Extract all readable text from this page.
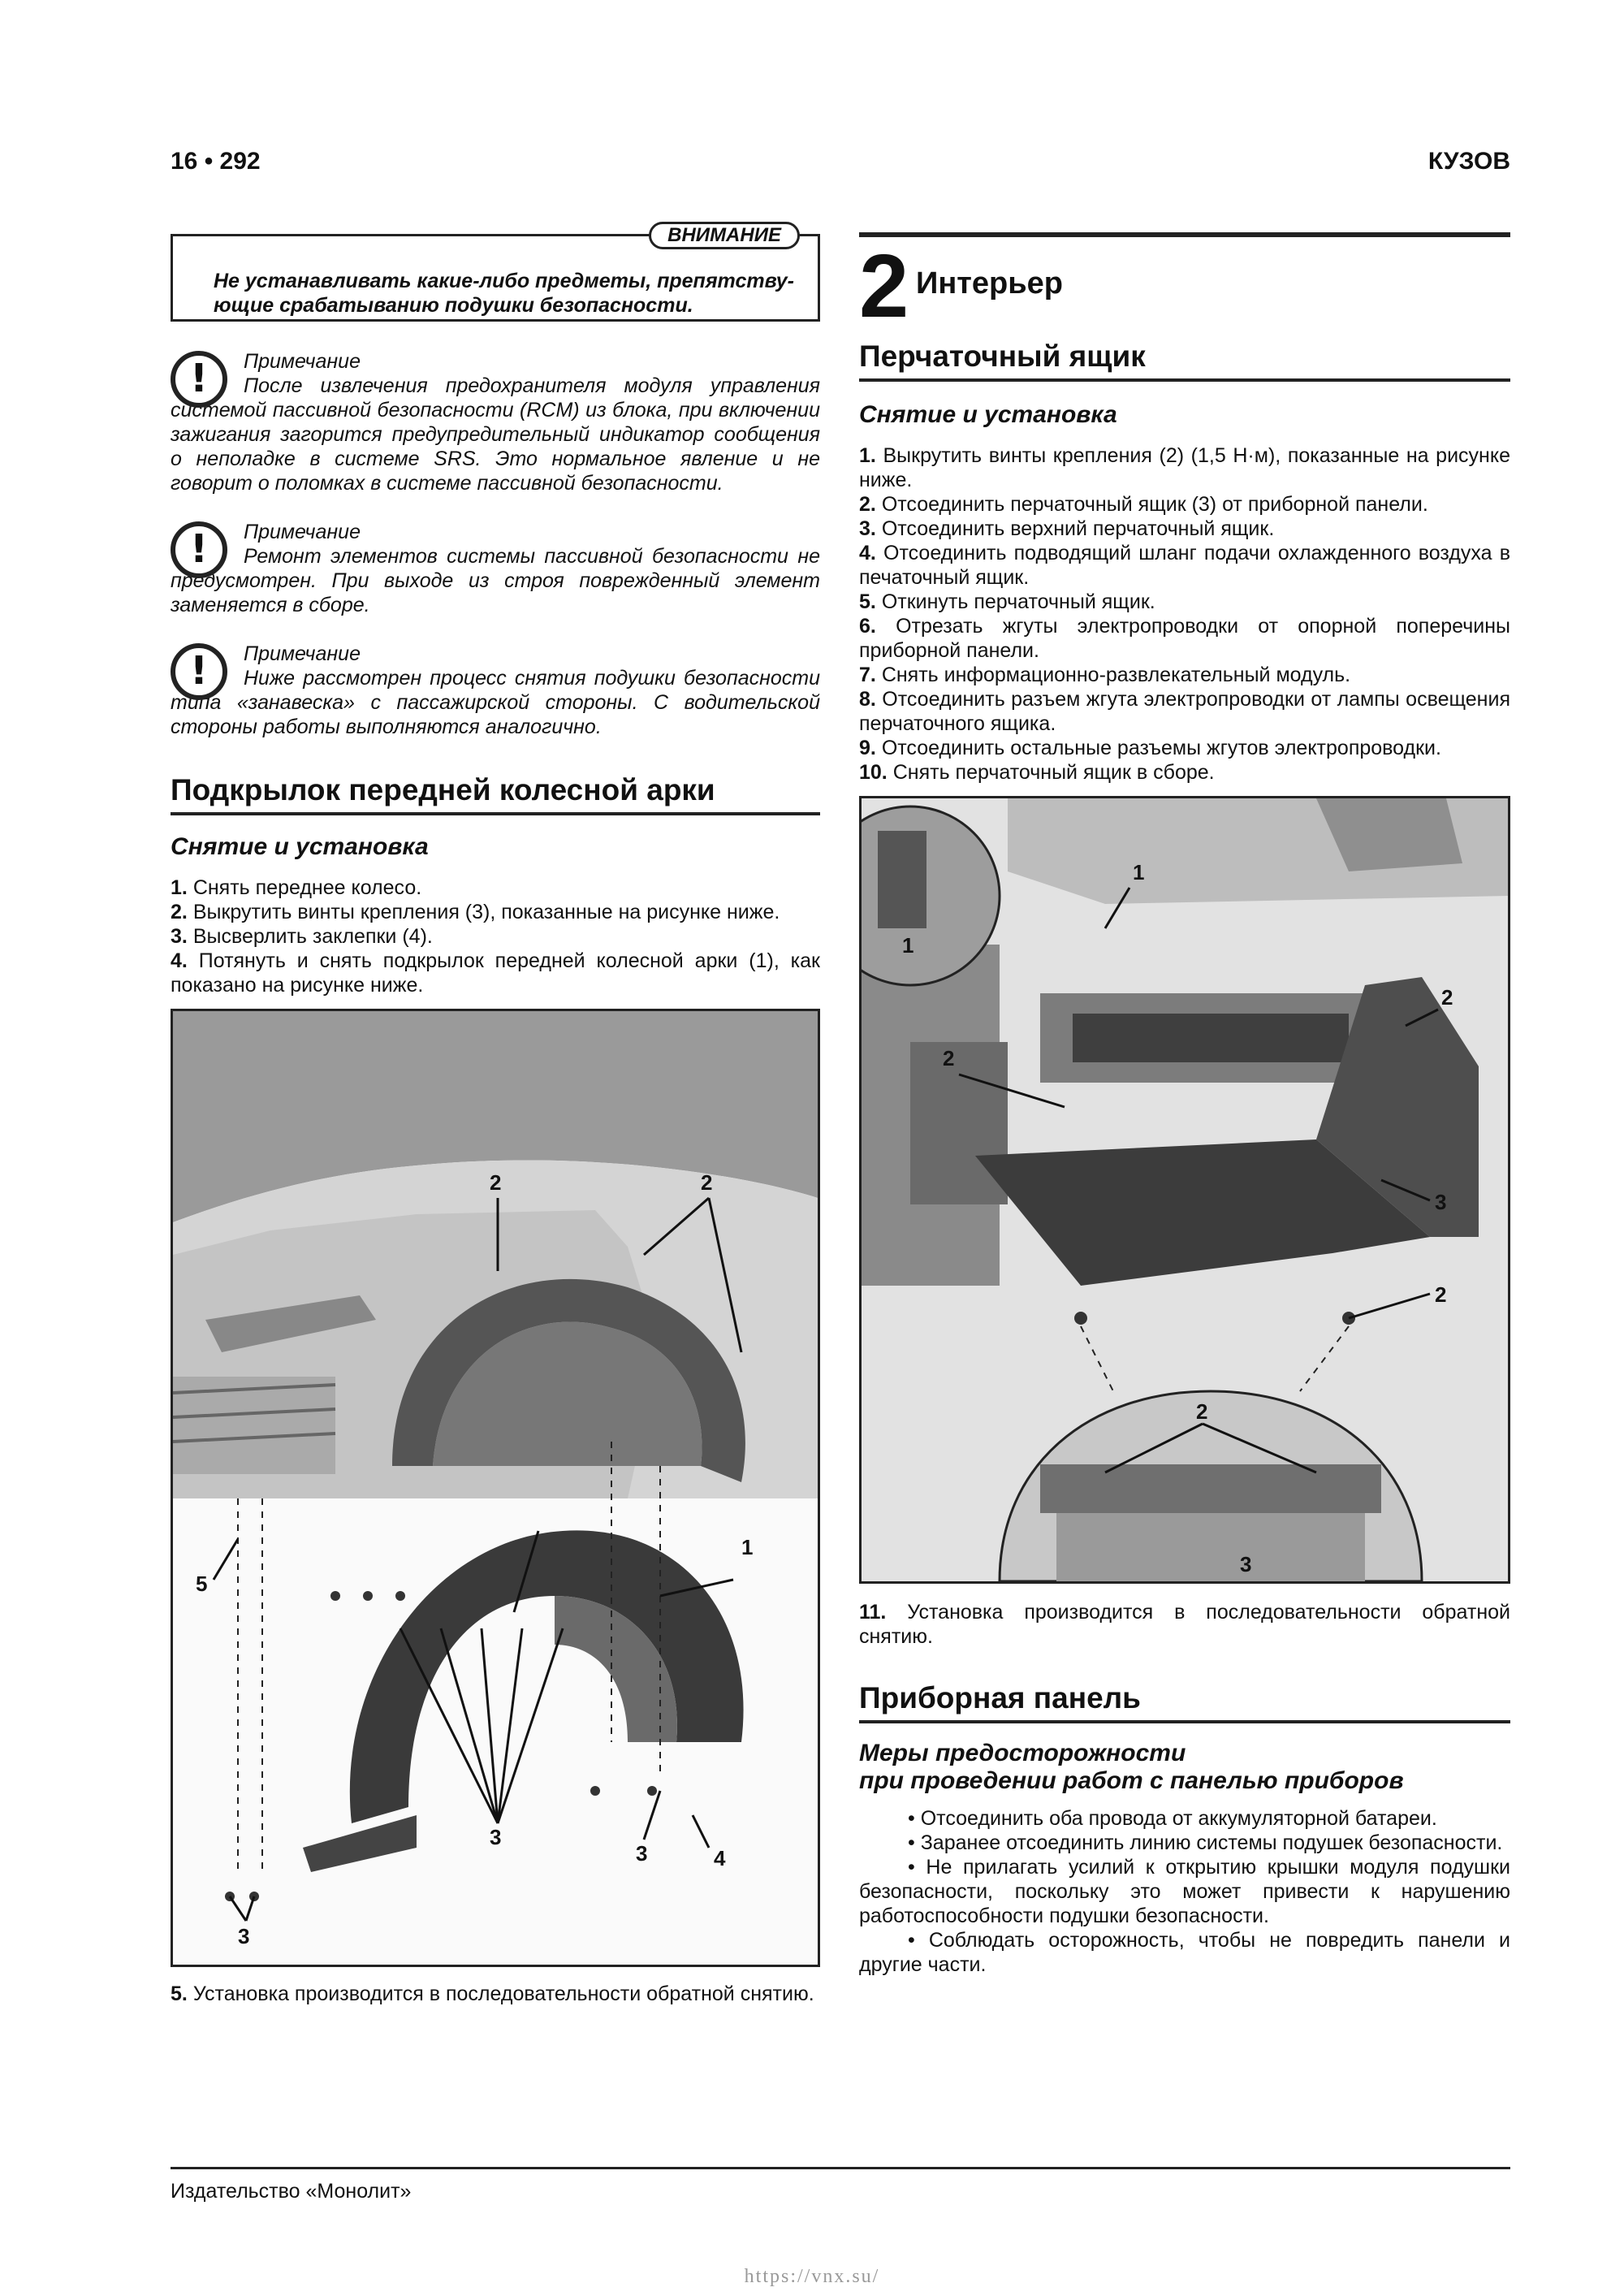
16 • 292	КУЗОВ
ВНИМАНИЕ
Не устанавливать какие-либо предметы, препятствующие срабатыванию подушки безопасности.
!	Примечание
После извлечения предохранителя модуля управления системой пассивной безопасности (RCM) из блока, при включении зажигания загорится предупредительный индикатор сообщения о неполадке в системе SRS. Это нормальное явление и не говорит о поломках в системе пассивной безопасности.
!	Примечание
Ремонт элементов системы пассивной безопасности не предусмотрен. При выходе из строя поврежденный элемент заменяется в сборе.
!	Примечание
Ниже рассмотрен процесс снятия подушки безопасности типа «занавеска» с пассажирской стороны. С водительской стороны работы выполняются аналогично.
Подкрылок передней колесной арки
Снятие и установка
1. Снять переднее колесо.
2. Выкрутить винты крепления (3), показанные на рисунке ниже.
3. Высверлить заклепки (4).
4. Потянуть и снять подкрылок передней колесной арки (1), как показано на рисунке ниже.
1
2	2
3
3
3
4
5
5. Установка производится в последовательности обратной снятию.
2 Интерьер
Перчаточный ящик
Снятие и установка
1. Выкрутить винты крепления (2) (1,5 Н·м), показанные на рисунке ниже.
2. Отсоединить перчаточный ящик (3) от приборной панели.
3. Отсоединить верхний перчаточный ящик.
4. Отсоединить подводящий шланг подачи охлажденного воздуха в печаточный ящик.
5. Откинуть перчаточный ящик.
6. Отрезать жгуты электропроводки от опорной поперечины приборной панели.
7. Снять информационно-развлекательный модуль.
8. Отсоединить разъем жгута электропроводки от лампы освещения перчаточного ящика.
9. Отсоединить остальные разъемы жгутов электропроводки.
10. Снять перчаточный ящик в сборе.
1
1
2
2
2
2
3
3
11. Установка производится в последовательности обратной снятию.
Приборная панель
Меры предосторожности
при проведении работ с панелью приборов
• Отсоединить оба провода от аккумуляторной батареи.
• Заранее отсоединить линию системы подушек безопасности.
• Не прилагать усилий к открытию крышки модуля подушки безопасности, поскольку это может привести к нарушению работоспособности подушки безопасности.
• Соблюдать осторожность, чтобы не повредить панели и другие части.
Издательство «Монолит»
https://vnx.su/
